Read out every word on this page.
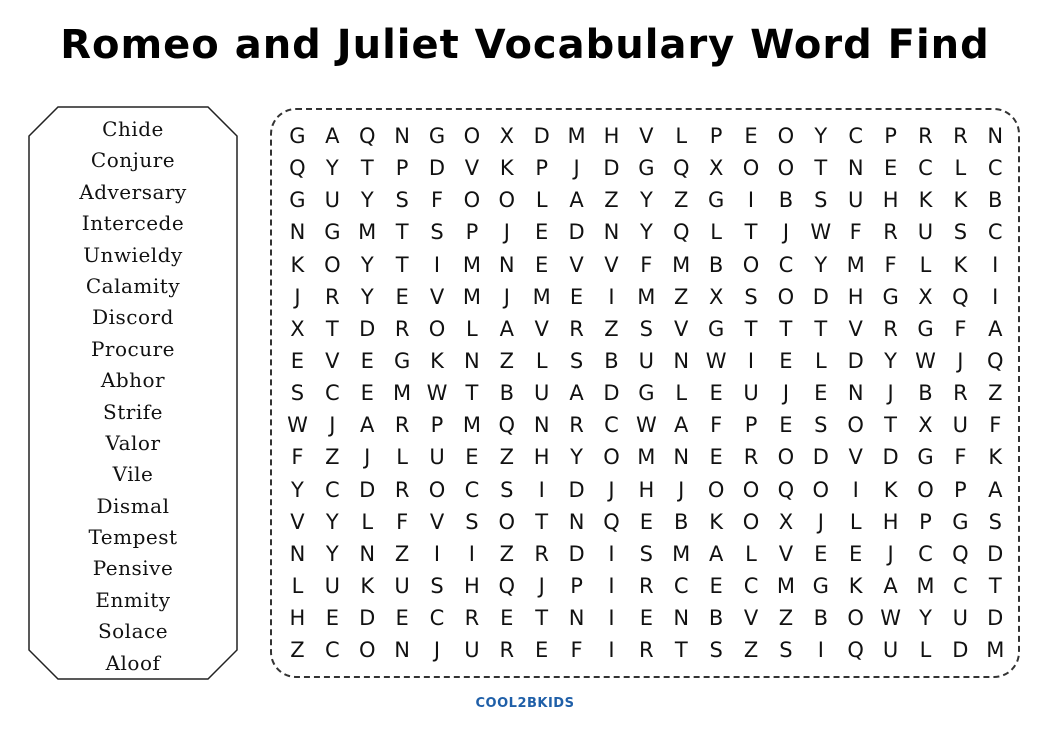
Romeo and Juliet Vocabulary Word Find
Chide
Conjure
Adversary
Intercede
Unwieldy
Calamity
Discord
Procure
Abhor
Strife
Valor
Vile
Dismal
Tempest
Pensive
Enmity
Solace
Aloof
G A Q N G O X D M H V	L	P	E O Y	C	P	R R N
Q Y	T	P D V K	P	J	D G Q X O O T N E C	L	C
G U Y	S	F O O L	A Z	Y	Z G	I	B	S U H K	K B
N G M T	S	P	J	E D N Y Q L	T	J	W F	R U S C
K O Y	T	I	M N E	V V	F M B O C	Y M F	L	K	I
J	R	Y	E	V M	J	M E	I	M Z X	S O D H G X Q	I
X	T D R O L	A V R Z	S	V G T	T	T	V R G F	A
E	V	E G K N Z	L	S	B U N W	I	E	L D Y W	J	Q
S C E M W T	B U A D G L	E U	J	E N	J	B R Z
W	J	A R	P M Q N R C W A	F	P	E	S O T	X U	F
F	Z	J	L	U E	Z H Y O M N E R O D V D G F	K
Y	C D R O C S	I	D	J	H	J	O O Q O	I	K O P	A
V	Y	L	F	V	S O T N Q E	B K O X	J	L	H P G S
N Y N Z	I	I	Z R D	I	S M A	L	V	E	E	J	C Q D
L	U K U S H Q	J	P	I	R C E C M G K A M C	T
H E D E C R E	T N	I	E N B V Z B O W Y U D
Z C O N	J	U R E	F	I	R	T	S	Z	S	I	Q U	L D M
COOL2BKIDS
